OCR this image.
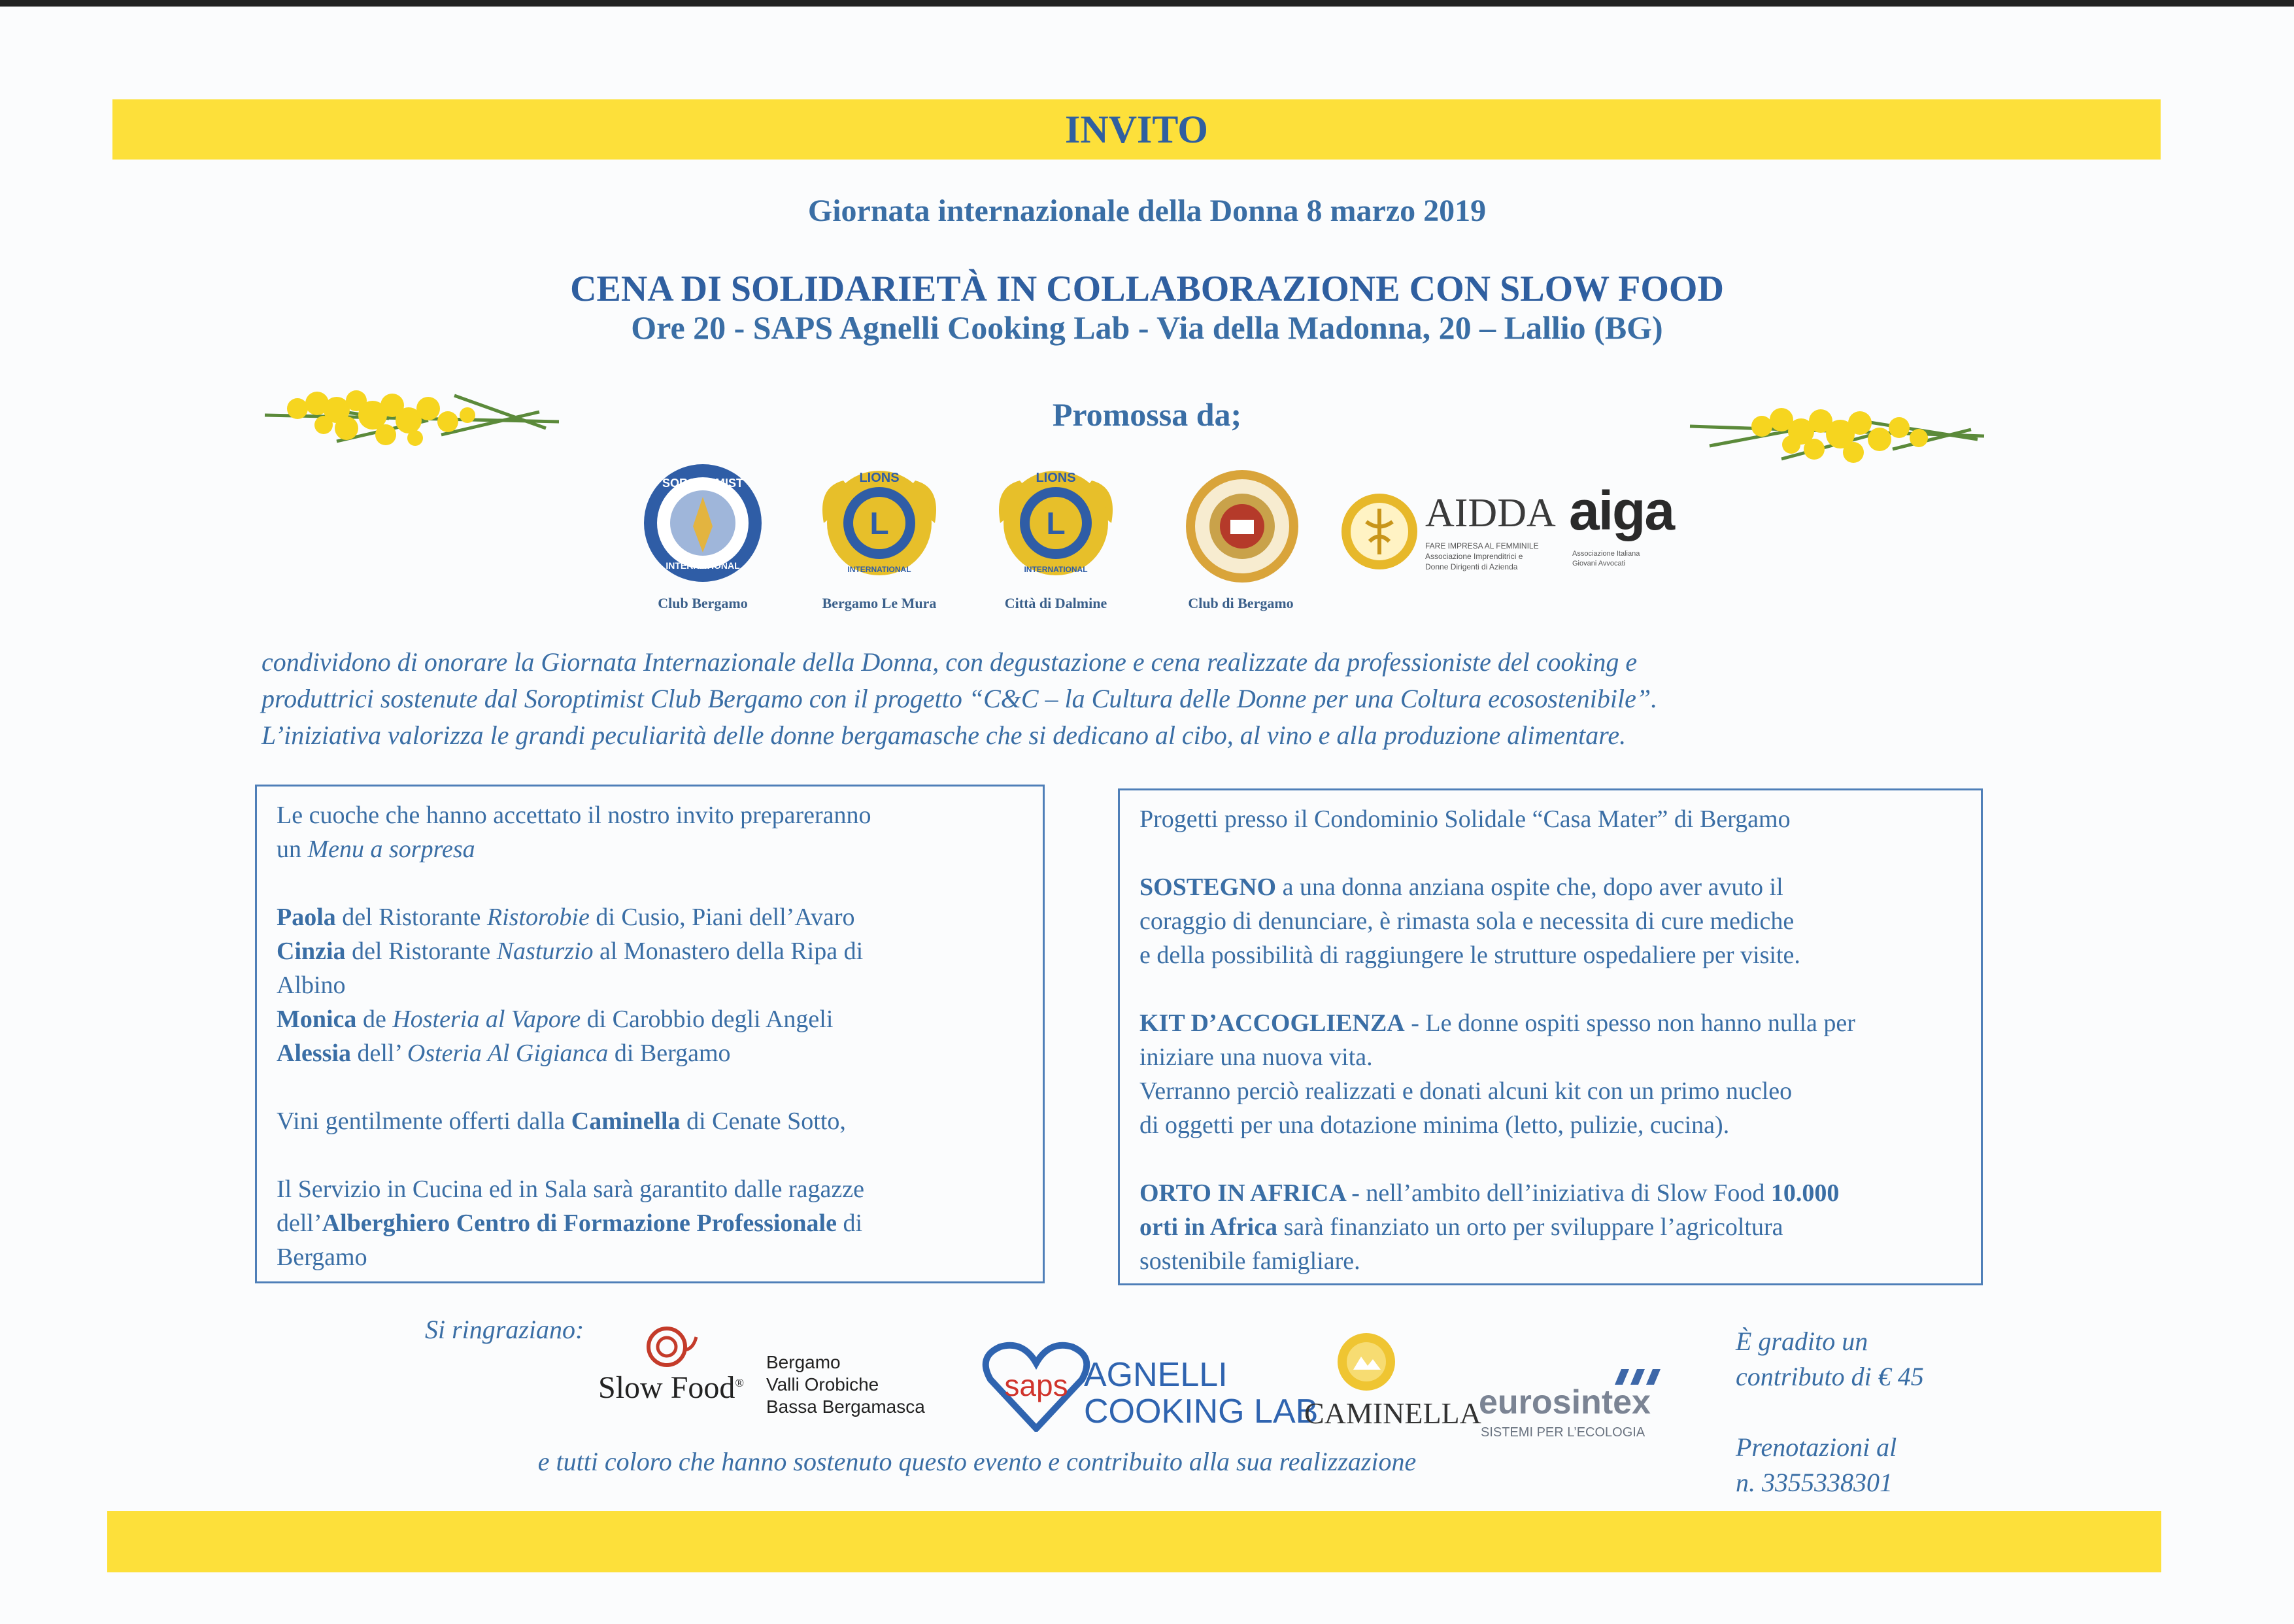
INVITO
Giornata internazionale della Donna 8 marzo 2019
CENA DI SOLIDARIETÀ IN COLLABORAZIONE CON SLOW FOOD
Ore 20 - SAPS Agnelli Cooking Lab - Via della Madonna, 20 – Lallio (BG)
Promossa da;
SOROPTIMIST
INTERNATIONAL
Club Bergamo
L
LIONS
INTERNATIONAL
Bergamo Le Mura
L
LIONS
INTERNATIONAL
Città di Dalmine	Club di Bergamo
AIDDA
FARE IMPRESA AL FEMMINILE
Associazione Imprenditrici e
Donne Dirigenti di Azienda
aiga
Associazione Italiana
Giovani Avvocati
condividono di onorare la Giornata Internazionale della Donna, con degustazione e cena realizzate da professioniste del cooking e
produttrici sostenute dal Soroptimist Club Bergamo con il progetto “C&C – la Cultura delle Donne per una Coltura ecosostenibile”.
L’iniziativa valorizza le grandi peculiarità delle donne bergamasche che si dedicano al cibo, al vino e alla produzione alimentare.

Le cuoche che hanno accettato il nostro invito prepareranno

un Menu a sorpresa

Paola del Ristorante Ristorobie di Cusio, Piani dell’Avaro

Cinzia del Ristorante Nasturzio al Monastero della Ripa di

Albino

Monica de Hosteria al Vapore di Carobbio degli Angeli

Alessia dell’ Osteria Al Gigianca di Bergamo

Vini gentilmente offerti dalla Caminella di Cenate Sotto,

Il Servizio in Cucina ed in Sala sarà garantito dalle ragazze

dell’Alberghiero Centro di Formazione Professionale di

Bergamo

Progetti presso il Condominio Solidale “Casa Mater” di Bergamo

SOSTEGNO a una donna anziana ospite che, dopo aver avuto il

coraggio di denunciare, è rimasta sola e necessita di cure mediche

e della possibilità di raggiungere le strutture ospedaliere per visite.

KIT D’ACCOGLIENZA - Le donne ospiti spesso non hanno nulla per

iniziare una nuova vita.

Verranno perciò realizzati e donati alcuni kit con un primo nucleo

di oggetti per una dotazione minima (letto, pulizie, cucina).

ORTO IN AFRICA - nell’ambito dell’iniziativa di Slow Food 10.000

orti in Africa sarà finanziato un orto per sviluppare l’agricoltura

sostenibile famigliare.

Si ringraziano:
Slow Food®
Bergamo
Valli Orobiche
Bassa Bergamasca
saps AGNELLI
COOKING LAB
CAMINELLA
eurosintex
SISTEMI PER L’ECOLOGIA
e tutti coloro che hanno sostenuto questo evento e contribuito alla sua realizzazione
È gradito un
contributo di € 45
Prenotazioni al
n. 3355338301
